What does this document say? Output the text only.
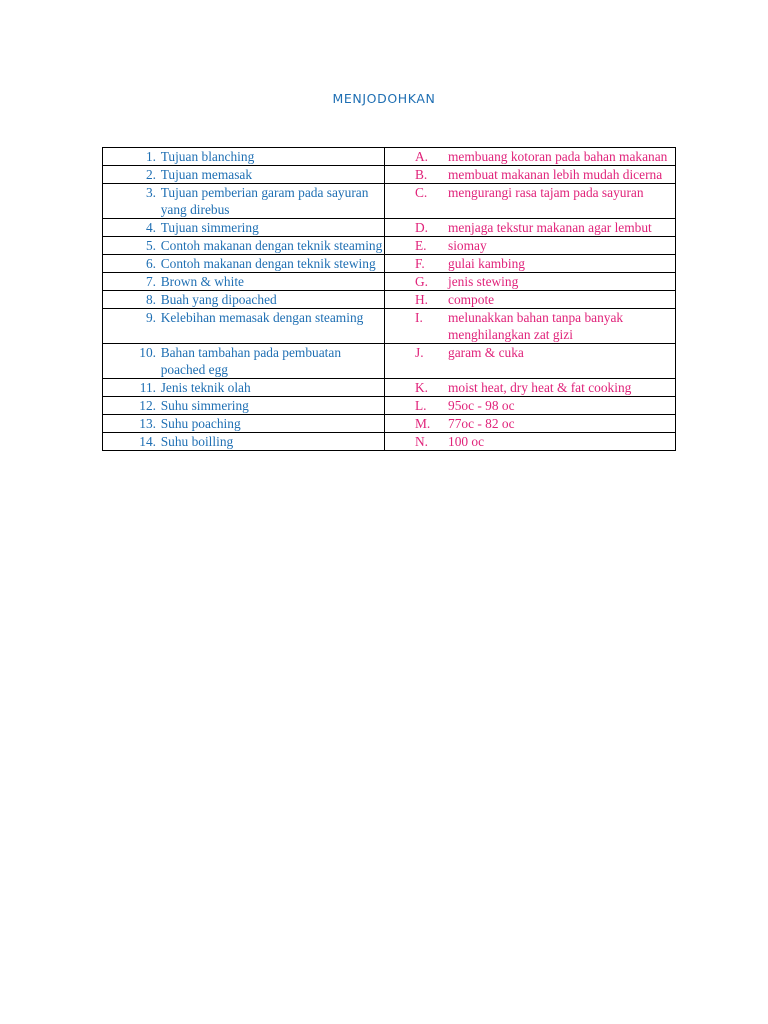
MENJODOHKAN
1. Tujuan blanching	A. membuang kotoran pada bahan makanan

2. Tujuan memasak	B. membuat makanan lebih mudah dicerna

3. Tujuan pemberian garam pada sayuran yang direbus	C. mengurangi rasa tajam pada sayuran

4. Tujuan simmering	D. menjaga tekstur makanan agar lembut

5. Contoh makanan dengan teknik steaming	E. siomay

6. Contoh makanan dengan teknik stewing	F. gulai kambing

7. Brown & white	G. jenis stewing

8. Buah yang dipoached	H. compote

9. Kelebihan memasak dengan steaming	I. melunakkan bahan tanpa banyak menghilangkan zat gizi

10. Bahan tambahan pada pembuatan poached egg	J. garam & cuka

11. Jenis teknik olah	K. moist heat, dry heat & fat cooking

12. Suhu simmering	L. 95oc - 98 oc

13. Suhu poaching	M. 77oc - 82 oc

14. Suhu boilling	N. 100 oc
